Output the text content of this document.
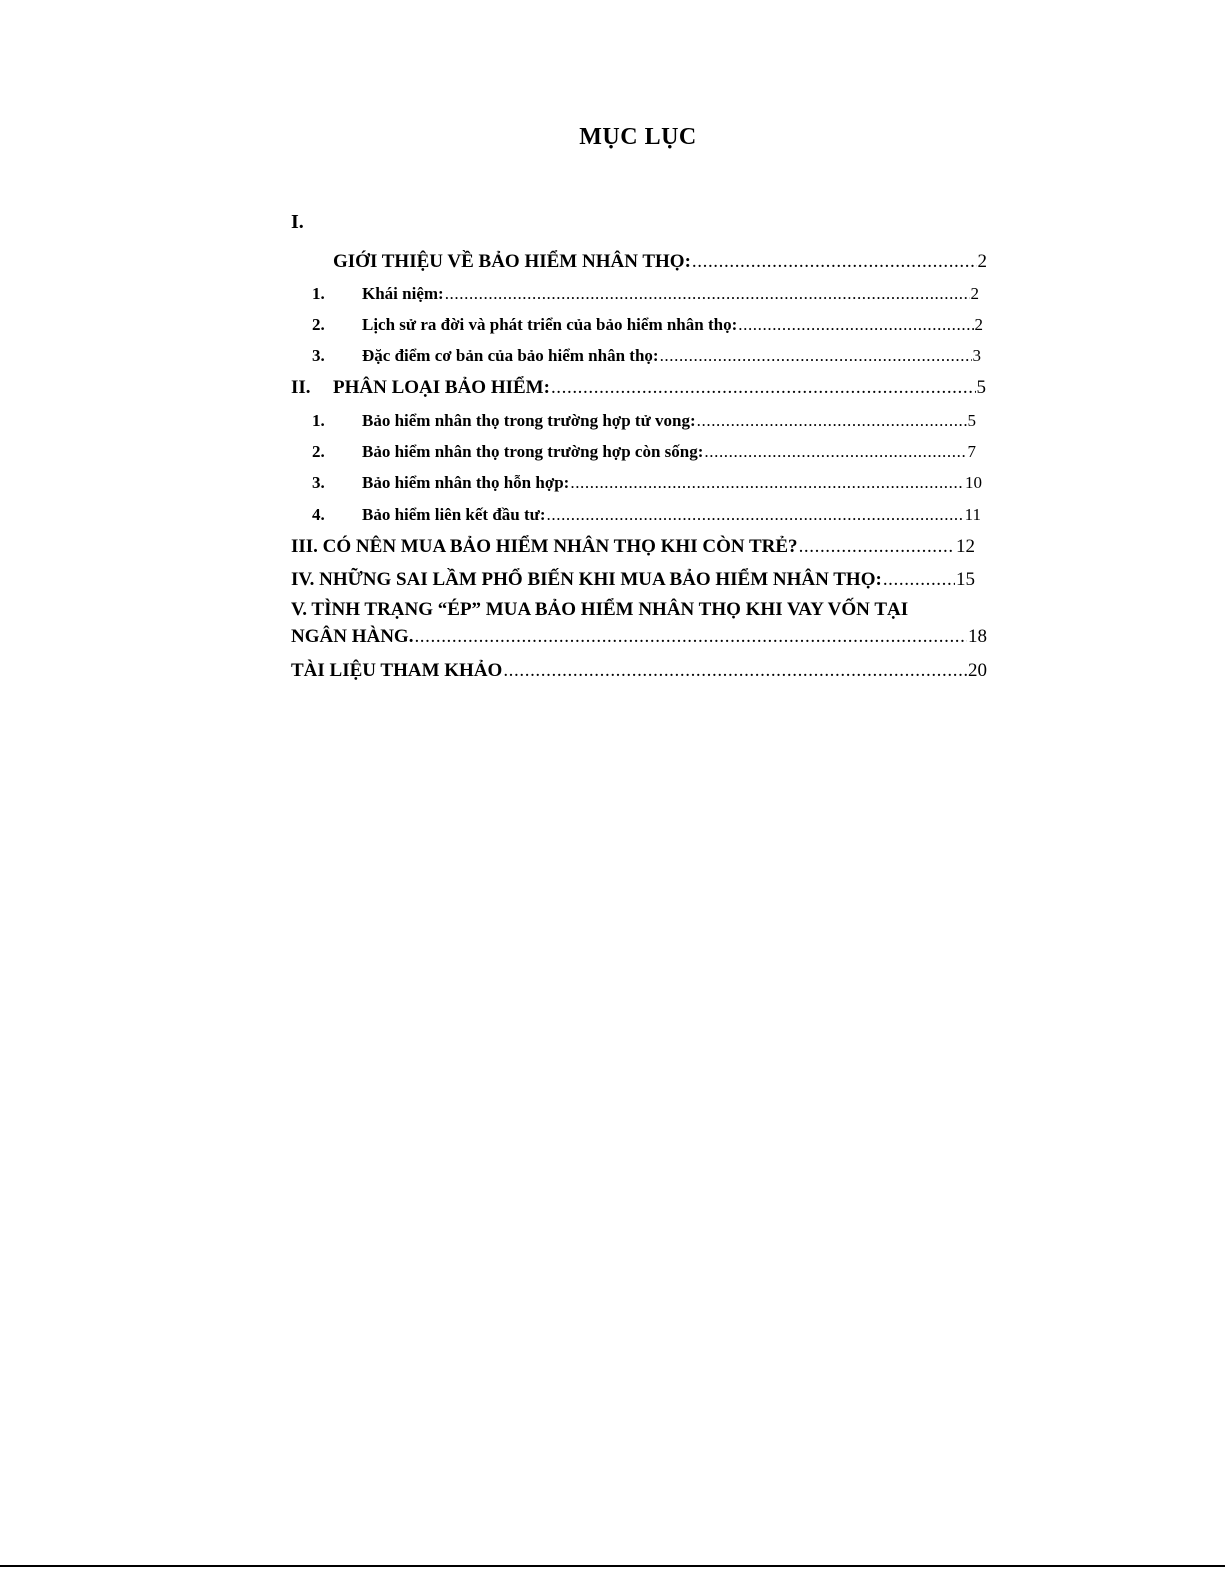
MỤC LỤC
I.
GIỚI THIỆU VỀ BẢO HIỂM NHÂN THỌ: .....	2
1.	Khái niệm: .....	2
2.	Lịch sử ra đời và phát triển của bảo hiểm nhân thọ: .....	2
3.	Đặc điểm cơ bản của bảo hiểm nhân thọ: .....	3
II.	PHÂN LOẠI BẢO HIỂM: .....	5
1.	Bảo hiểm nhân thọ trong trường hợp tử vong: .....	5
2.	Bảo hiểm nhân thọ trong trường hợp còn sống: .....	7
3.	Bảo hiểm nhân thọ hỗn hợp: .....	10
4.	Bảo hiểm liên kết đầu tư: .....	11
III. CÓ NÊN MUA BẢO HIỂM NHÂN THỌ KHI CÒN TRẺ? .....	12
IV. NHỮNG SAI LẦM PHỔ BIẾN KHI MUA BẢO HIỂM NHÂN THỌ: .....	15
V. TÌNH TRẠNG “ÉP” MUA BẢO HIỂM NHÂN THỌ KHI VAY VỐN TẠI
NGÂN HÀNG. .....	18
TÀI LIỆU THAM KHẢO .....	20
